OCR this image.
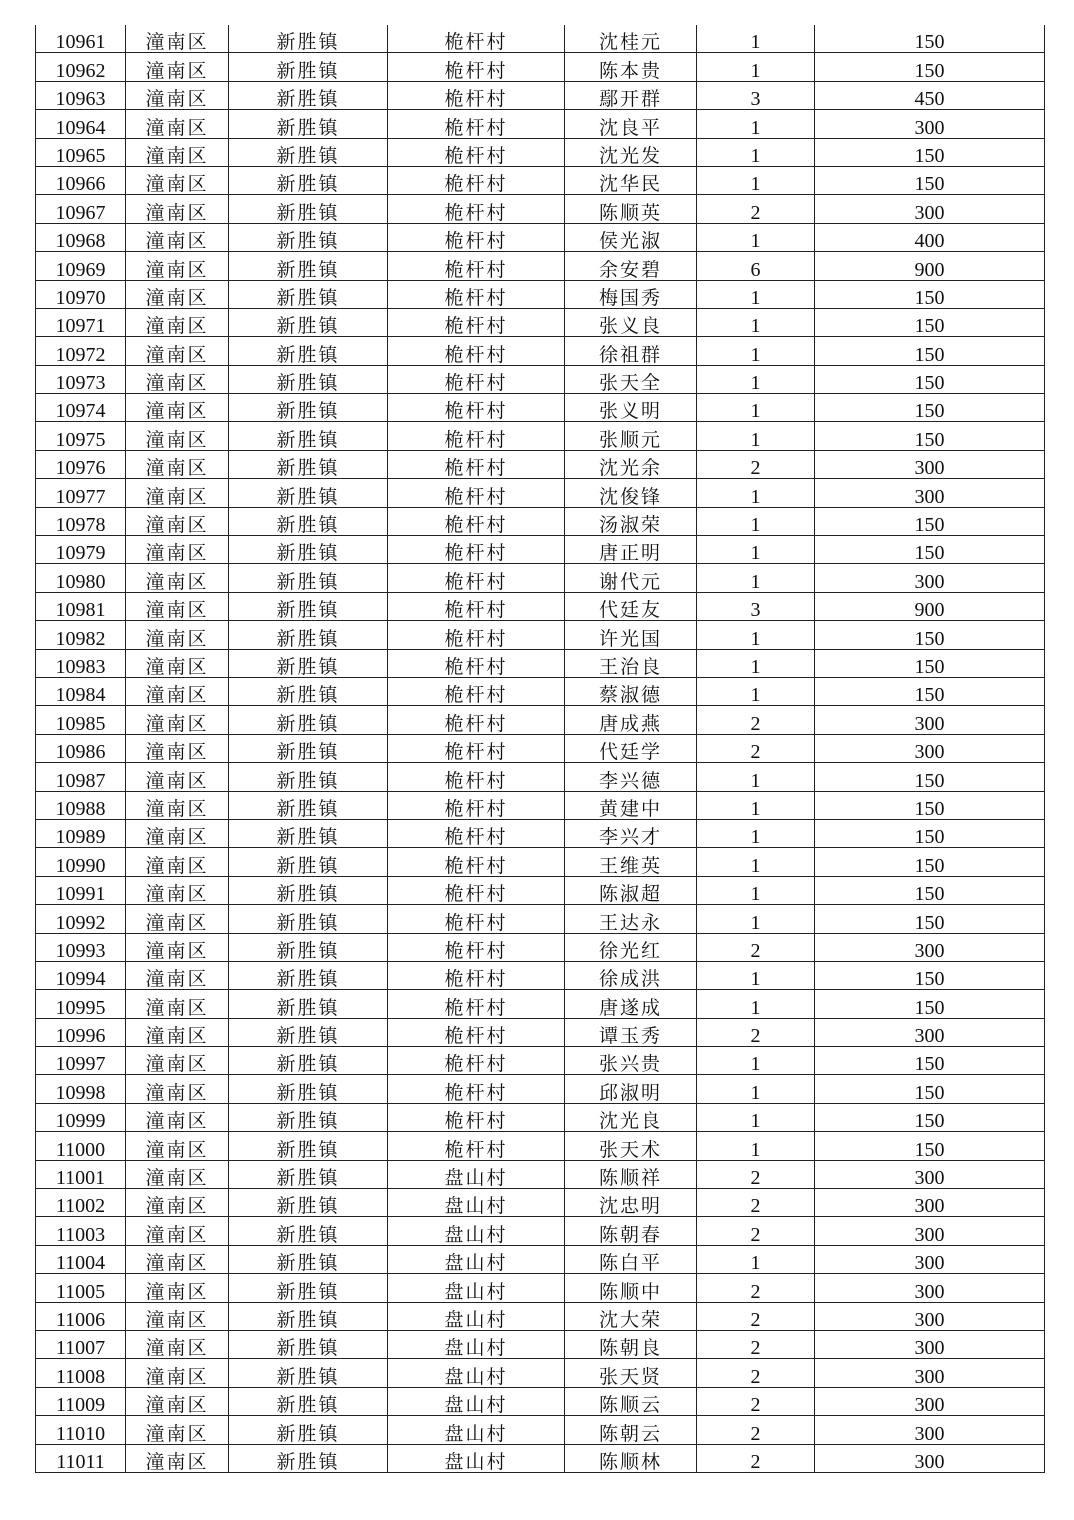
10961	潼南区	新胜镇	桅杆村	沈桂元	1	150
10962	潼南区	新胜镇	桅杆村	陈本贵	1	150
10963	潼南区	新胜镇	桅杆村	鄢开群	3	450
10964	潼南区	新胜镇	桅杆村	沈良平	1	300
10965	潼南区	新胜镇	桅杆村	沈光发	1	150
10966	潼南区	新胜镇	桅杆村	沈华民	1	150
10967	潼南区	新胜镇	桅杆村	陈顺英	2	300
10968	潼南区	新胜镇	桅杆村	侯光淑	1	400
10969	潼南区	新胜镇	桅杆村	余安碧	6	900
10970	潼南区	新胜镇	桅杆村	梅国秀	1	150
10971	潼南区	新胜镇	桅杆村	张义良	1	150
10972	潼南区	新胜镇	桅杆村	徐祖群	1	150
10973	潼南区	新胜镇	桅杆村	张天全	1	150
10974	潼南区	新胜镇	桅杆村	张义明	1	150
10975	潼南区	新胜镇	桅杆村	张顺元	1	150
10976	潼南区	新胜镇	桅杆村	沈光余	2	300
10977	潼南区	新胜镇	桅杆村	沈俊锋	1	300
10978	潼南区	新胜镇	桅杆村	汤淑荣	1	150
10979	潼南区	新胜镇	桅杆村	唐正明	1	150
10980	潼南区	新胜镇	桅杆村	谢代元	1	300
10981	潼南区	新胜镇	桅杆村	代廷友	3	900
10982	潼南区	新胜镇	桅杆村	许光国	1	150
10983	潼南区	新胜镇	桅杆村	王治良	1	150
10984	潼南区	新胜镇	桅杆村	蔡淑德	1	150
10985	潼南区	新胜镇	桅杆村	唐成燕	2	300
10986	潼南区	新胜镇	桅杆村	代廷学	2	300
10987	潼南区	新胜镇	桅杆村	李兴德	1	150
10988	潼南区	新胜镇	桅杆村	黄建中	1	150
10989	潼南区	新胜镇	桅杆村	李兴才	1	150
10990	潼南区	新胜镇	桅杆村	王维英	1	150
10991	潼南区	新胜镇	桅杆村	陈淑超	1	150
10992	潼南区	新胜镇	桅杆村	王达永	1	150
10993	潼南区	新胜镇	桅杆村	徐光红	2	300
10994	潼南区	新胜镇	桅杆村	徐成洪	1	150
10995	潼南区	新胜镇	桅杆村	唐遂成	1	150
10996	潼南区	新胜镇	桅杆村	谭玉秀	2	300
10997	潼南区	新胜镇	桅杆村	张兴贵	1	150
10998	潼南区	新胜镇	桅杆村	邱淑明	1	150
10999	潼南区	新胜镇	桅杆村	沈光良	1	150
11000	潼南区	新胜镇	桅杆村	张天术	1	150
11001	潼南区	新胜镇	盘山村	陈顺祥	2	300
11002	潼南区	新胜镇	盘山村	沈忠明	2	300
11003	潼南区	新胜镇	盘山村	陈朝春	2	300
11004	潼南区	新胜镇	盘山村	陈白平	1	300
11005	潼南区	新胜镇	盘山村	陈顺中	2	300
11006	潼南区	新胜镇	盘山村	沈大荣	2	300
11007	潼南区	新胜镇	盘山村	陈朝良	2	300
11008	潼南区	新胜镇	盘山村	张天贤	2	300
11009	潼南区	新胜镇	盘山村	陈顺云	2	300
11010	潼南区	新胜镇	盘山村	陈朝云	2	300
11011	潼南区	新胜镇	盘山村	陈顺林	2	300
